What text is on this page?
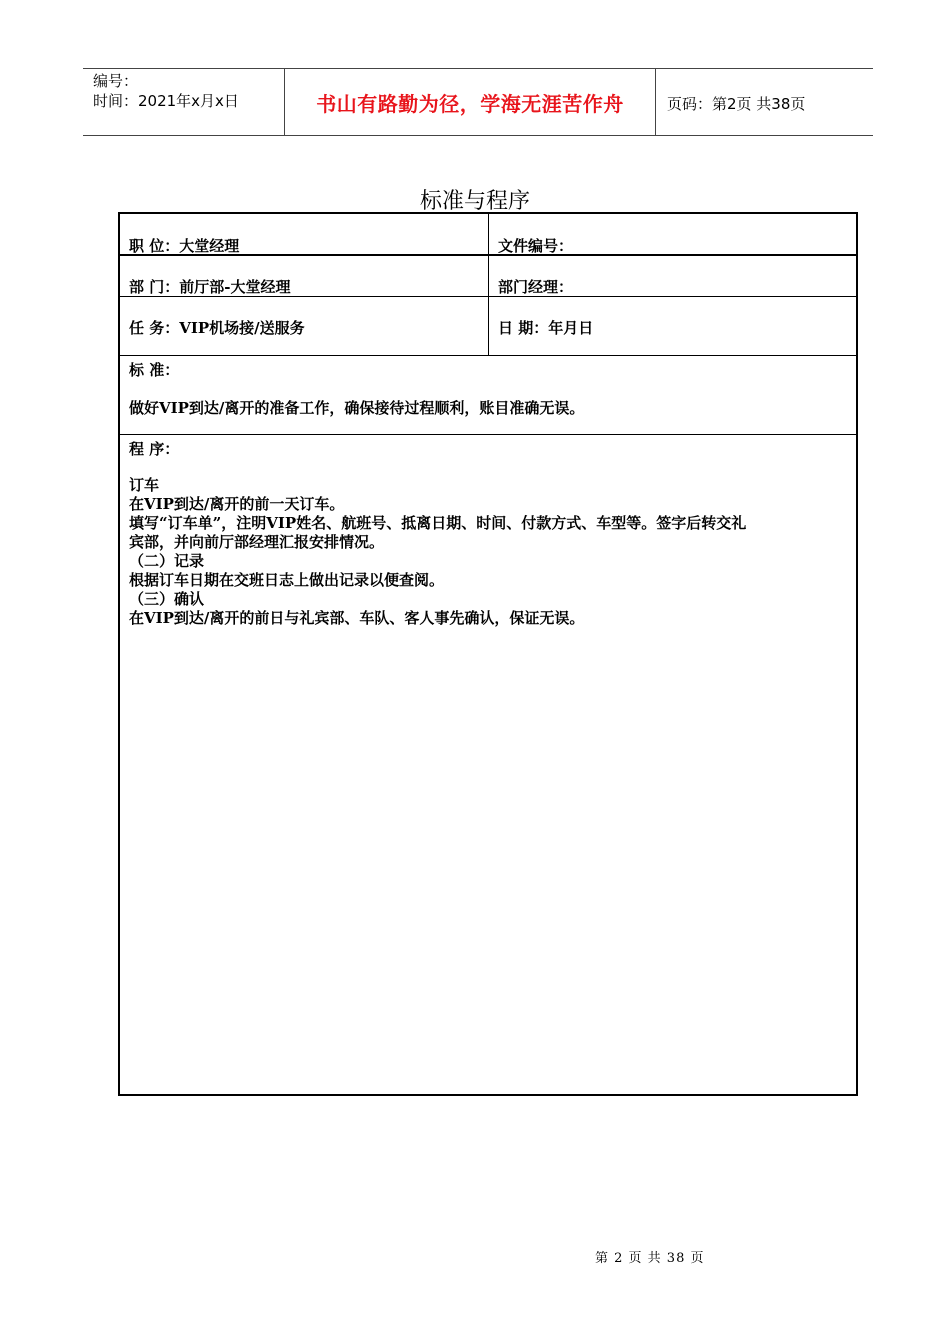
编号：
时间：2021年x月x日	书山有路勤为径，学海无涯苦作舟	页码：第2页 共38页
标准与程序
职 位：大堂经理	文件编号：
部 门：前厅部-大堂经理	部门经理：
任 务：VIP机场接/送服务	日 期：年月日
标 准：
做好VIP到达/离开的准备工作，确保接待过程顺利，账目准确无误。
程 序：

订车

在VIP到达/离开的前一天订车。

填写“订车单”，注明VIP姓名、航班号、抵离日期、时间、付款方式、车型等。签字后转交礼

宾部，并向前厅部经理汇报安排情况。

（二）记录

根据订车日期在交班日志上做出记录以便查阅。

（三）确认

在VIP到达/离开的前日与礼宾部、车队、客人事先确认，保证无误。

第 2 页 共 38 页
